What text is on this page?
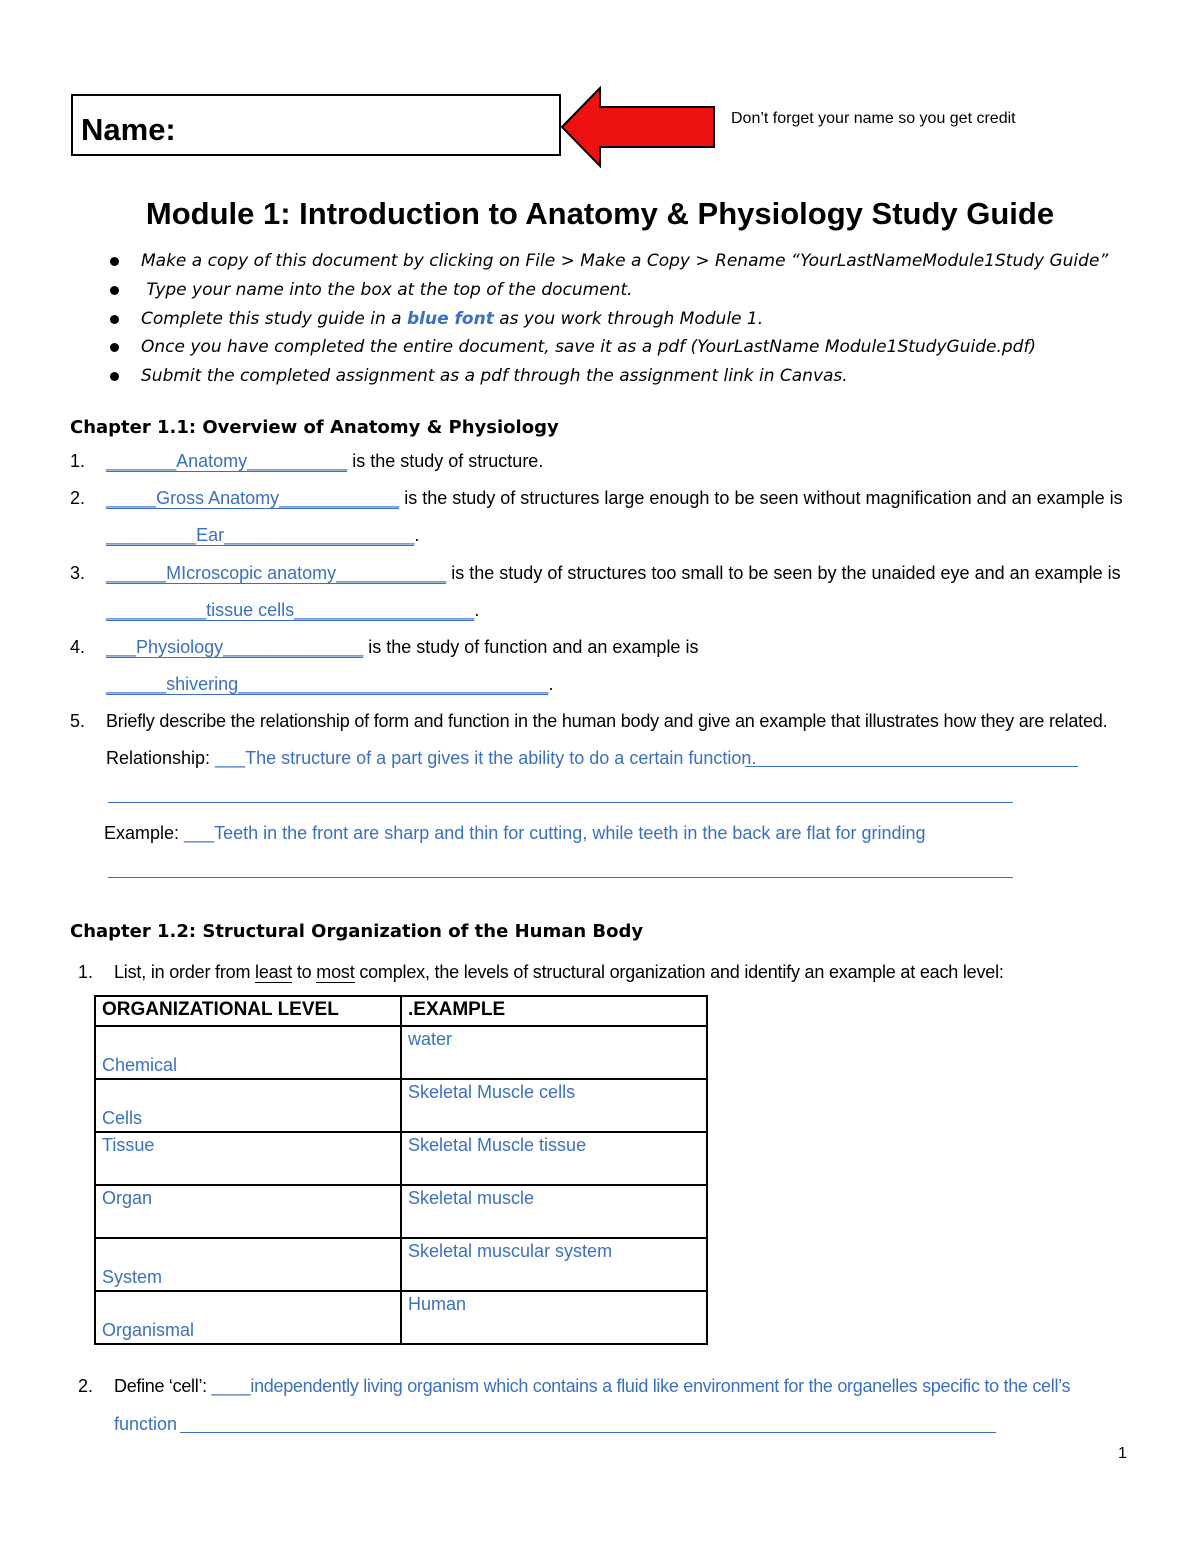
Name:	Don’t forget your name so you get credit
Module 1: Introduction to Anatomy & Physiology Study Guide
Make a copy of this document by clicking on File > Make a Copy > Rename “YourLastNameModule1Study Guide”
Type your name into the box at the top of the document.
Complete this study guide in a blue font as you work through Module 1.
Once you have completed the entire document, save it as a pdf (YourLastName Module1StudyGuide.pdf)
Submit the completed assignment as a pdf through the assignment link in Canvas.
Chapter 1.1: Overview of Anatomy & Physiology
1. _______Anatomy__________ is the study of structure.
2. _____Gross Anatomy____________ is the study of structures large enough to be seen without magnification and an example is
_________Ear___________________.
3. ______MIcroscopic anatomy___________ is the study of structures too small to be seen by the unaided eye and an example is
__________tissue cells__________________.
4. ___Physiology______________ is the study of function and an example is
______shivering_______________________________.
5. Briefly describe the relationship of form and function in the human body and give an example that illustrates how they are related.
Relationship: ___The structure of a part gives it the ability to do a certain function.
Example: ___Teeth in the front are sharp and thin for cutting, while teeth in the back are flat for grinding
Chapter 1.2: Structural Organization of the Human Body
1. List, in order from least to most complex, the levels of structural organization and identify an example at each level:
ORGANIZATIONAL LEVEL	.EXAMPLE
Chemical	water
Cells	Skeletal Muscle cells
Tissue	Skeletal Muscle tissue
Organ	Skeletal muscle
System	Skeletal muscular system
Organismal	Human
2. Define ‘cell’: ____independently living organism which contains a fluid like environment for the organelles specific to the cell’s
function
1
